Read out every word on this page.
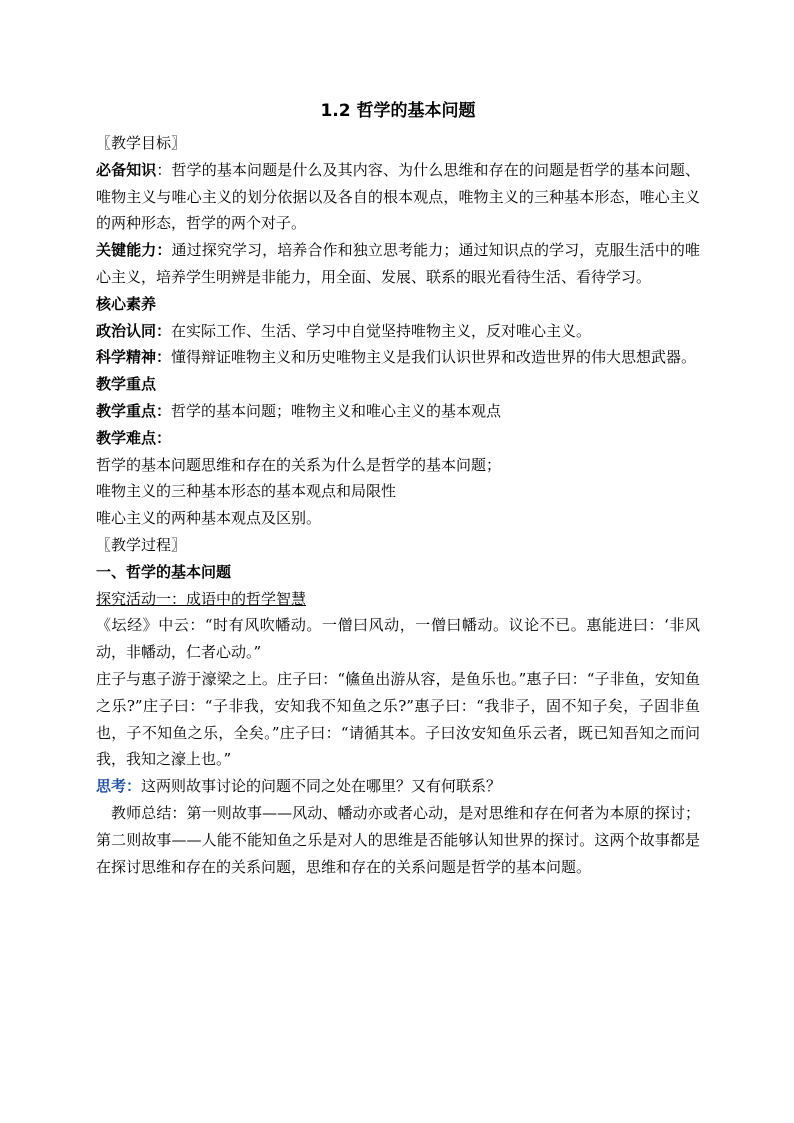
1.2 哲学的基本问题

〖教学目标〗

必备知识：哲学的基本问题是什么及其内容、为什么思维和存在的问题是哲学的基本问题、唯物主义与唯心主义的划分依据以及各自的根本观点，唯物主义的三种基本形态，唯心主义的两种形态，哲学的两个对子。

关键能力：通过探究学习，培养合作和独立思考能力；通过知识点的学习，克服生活中的唯心主义，培养学生明辨是非能力，用全面、发展、联系的眼光看待生活、看待学习。

核心素养

政治认同：在实际工作、生活、学习中自觉坚持唯物主义，反对唯心主义。

科学精神：懂得辩证唯物主义和历史唯物主义是我们认识世界和改造世界的伟大思想武器。

教学重点

教学重点：哲学的基本问题；唯物主义和唯心主义的基本观点

教学难点：

哲学的基本问题思维和存在的关系为什么是哲学的基本问题；

唯物主义的三种基本形态的基本观点和局限性

唯心主义的两种基本观点及区别。

〖教学过程〗

一、哲学的基本问题

探究活动一：成语中的哲学智慧

《坛经》中云：“时有风吹幡动。一僧曰风动，一僧曰幡动。议论不已。惠能进曰：‘非风动，非幡动，仁者心动。”

庄子与惠子游于濠梁之上。庄子曰：“鯈鱼出游从容，是鱼乐也。”惠子曰：“子非鱼，安知鱼之乐?”庄子曰：“子非我，安知我不知鱼之乐?”惠子曰：“我非子，固不知子矣，子固非鱼也，子不知鱼之乐，全矣。”庄子曰：“请循其本。子曰汝安知鱼乐云者，既已知吾知之而问我，我知之濠上也。”

思考：这两则故事讨论的问题不同之处在哪里？又有何联系？

教师总结：第一则故事——风动、幡动亦或者心动，是对思维和存在何者为本原的探讨；第二则故事——人能不能知鱼之乐是对人的思维是否能够认知世界的探讨。这两个故事都是在探讨思维和存在的关系问题，思维和存在的关系问题是哲学的基本问题。
